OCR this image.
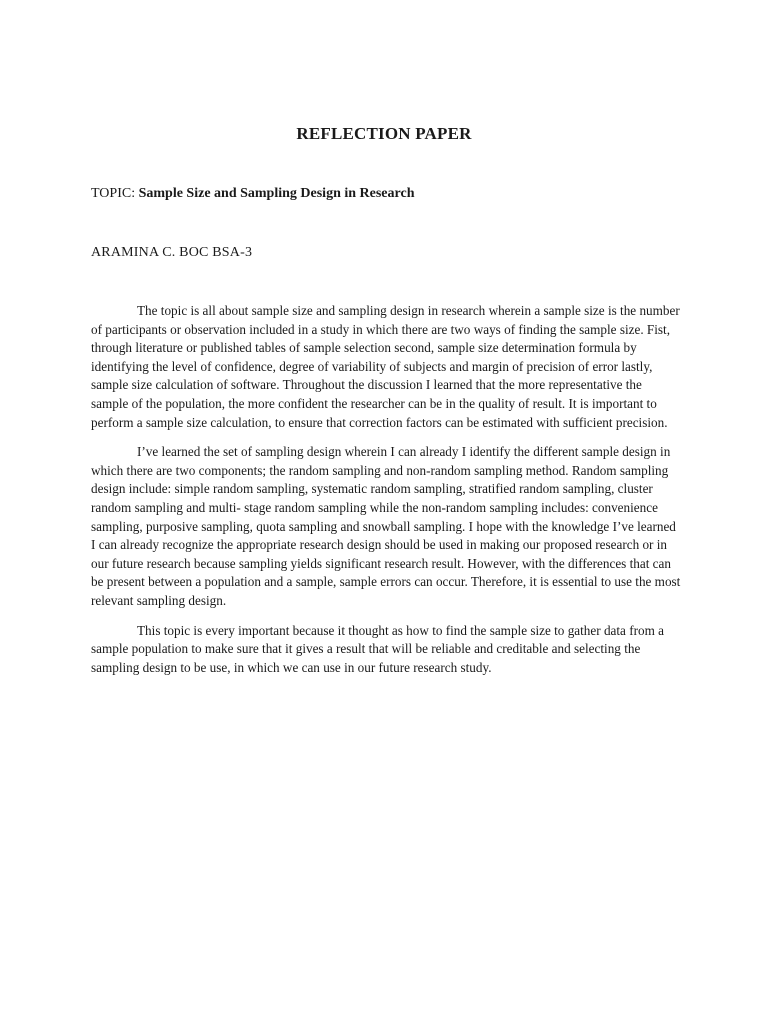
REFLECTION PAPER

TOPIC: Sample Size and Sampling Design in Research

ARAMINA C. BOC BSA-3

The topic is all about sample size and sampling design in research wherein a sample size is the number of participants or observation included in a study in which there are two ways of finding the sample size. Fist, through literature or published tables of sample selection second, sample size determination formula by identifying the level of confidence, degree of variability of subjects and margin of precision of error lastly, sample size calculation of software. Throughout the discussion I learned that the more representative the sample of the population, the more confident the researcher can be in the quality of result. It is important to perform a sample size calculation, to ensure that correction factors can be estimated with sufficient precision.

I’ve learned the set of sampling design wherein I can already I identify the different sample design in which there are two components; the random sampling and non-random sampling method. Random sampling design include: simple random sampling, systematic random sampling, stratified random sampling, cluster random sampling and multi- stage random sampling while the non-random sampling includes: convenience sampling, purposive sampling, quota sampling and snowball sampling. I hope with the knowledge I’ve learned I can already recognize the appropriate research design should be used in making our proposed research or in our future research because sampling yields significant research result. However, with the differences that can be present between a population and a sample, sample errors can occur. Therefore, it is essential to use the most relevant sampling design.

This topic is every important because it thought as how to find the sample size to gather data from a sample population to make sure that it gives a result that will be reliable and creditable and selecting the sampling design to be use, in which we can use in our future research study.
